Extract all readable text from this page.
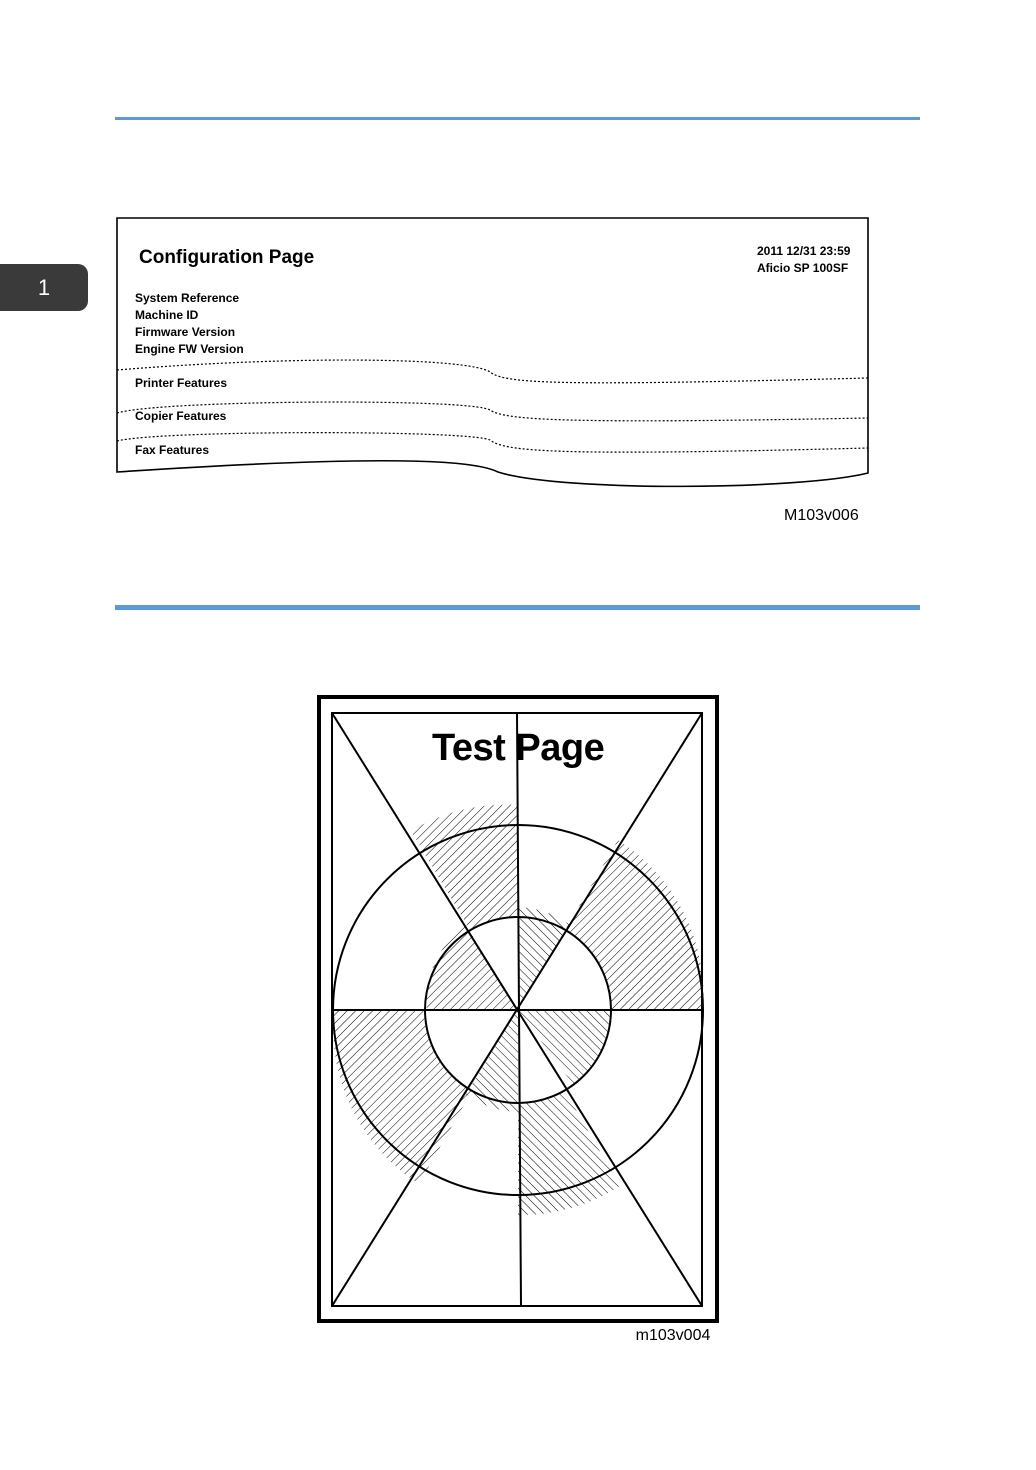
1
Configuration Page	2011 12/31 23:59
Aficio SP 100SF
System Reference
Machine ID
Firmware Version
Engine FW Version
Printer Features
Copier Features
Fax Features
M103v006
m103v004
Test Page
